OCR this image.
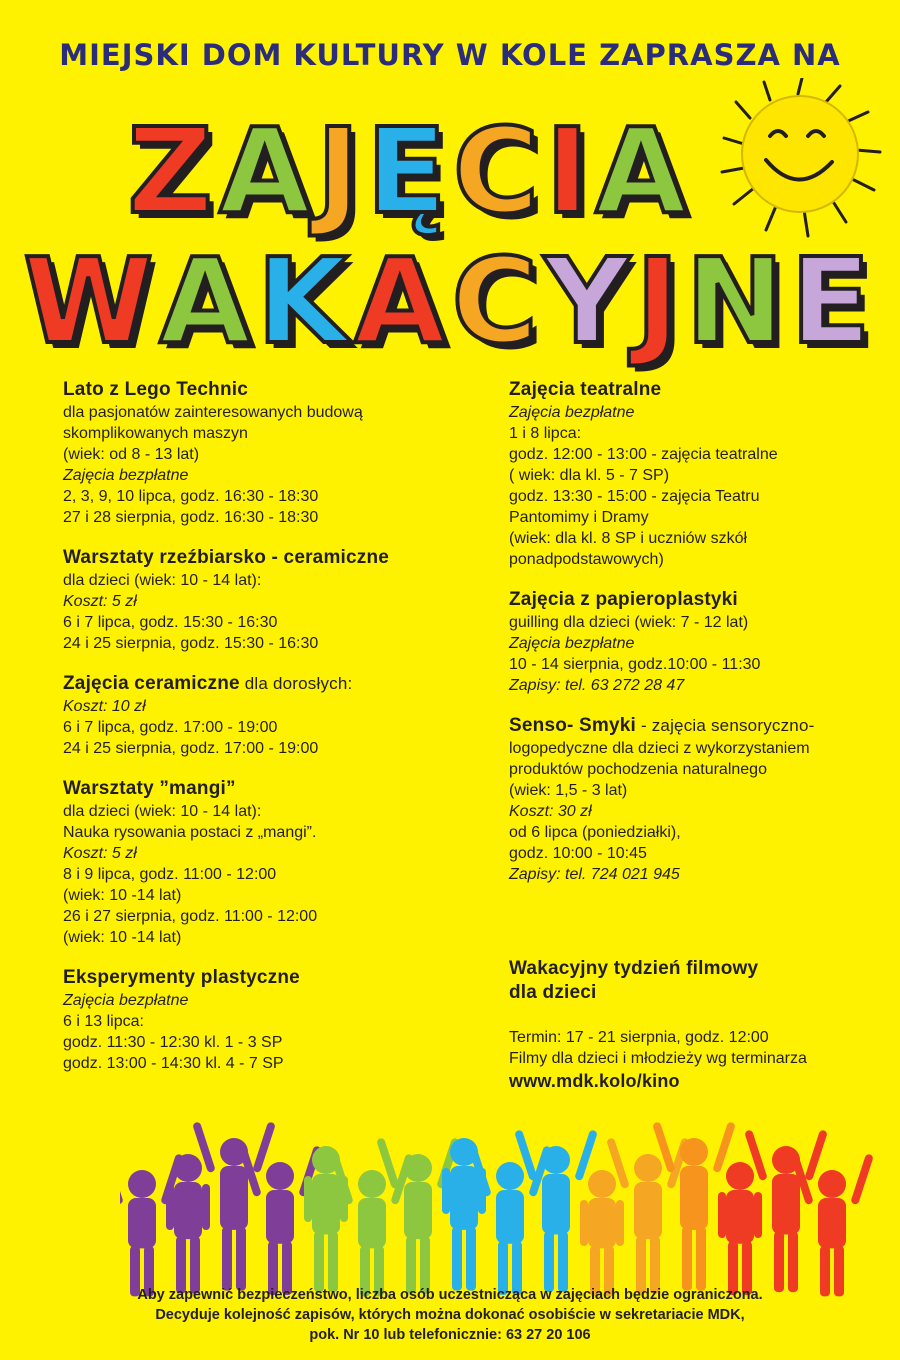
MIEJSKI DOM KULTURY W KOLE ZAPRASZA NA
ZAJĘCIA
WAKACYJNE
Lato z Lego Technic
dla pasjonatów zainteresowanych budową
skomplikowanych maszyn
(wiek: od 8 - 13 lat)
Zajęcia bezpłatne
2, 3, 9, 10 lipca, godz. 16:30 - 18:30
27 i 28 sierpnia, godz. 16:30 - 18:30
Warsztaty rzeźbiarsko - ceramiczne
dla dzieci (wiek: 10 - 14 lat):
Koszt: 5 zł
6 i 7 lipca, godz. 15:30 - 16:30
24 i 25 sierpnia, godz. 15:30 - 16:30
Zajęcia ceramiczne dla dorosłych:
Koszt: 10 zł
6 i 7 lipca, godz. 17:00 - 19:00
24 i 25 sierpnia, godz. 17:00 - 19:00
Warsztaty ”mangi”
dla dzieci (wiek: 10 - 14 lat):
Nauka rysowania postaci z „mangi”.
Koszt: 5 zł
8 i 9 lipca, godz. 11:00 - 12:00
(wiek: 10 -14 lat)
26 i 27 sierpnia, godz. 11:00 - 12:00
(wiek: 10 -14 lat)
Eksperymenty plastyczne
Zajęcia bezpłatne
6 i 13 lipca:
godz. 11:30 - 12:30 kl. 1 - 3 SP
godz. 13:00 - 14:30 kl. 4 - 7 SP
Zajęcia teatralne
Zajęcia bezpłatne
1 i 8 lipca:
godz. 12:00 - 13:00 - zajęcia teatralne
( wiek: dla kl. 5 - 7 SP)
godz. 13:30 - 15:00 - zajęcia Teatru
Pantomimy i Dramy
(wiek: dla kl. 8 SP i uczniów szkół
ponadpodstawowych)
Zajęcia z papieroplastyki
guilling dla dzieci (wiek: 7 - 12 lat)
Zajęcia bezpłatne
10 - 14 sierpnia, godz.10:00 - 11:30
Zapisy: tel. 63 272 28 47
Senso- Smyki - zajęcia sensoryczno-
logopedyczne dla dzieci z wykorzystaniem
produktów pochodzenia naturalnego
(wiek: 1,5 - 3 lat)
Koszt: 30 zł
od 6 lipca (poniedziałki),
godz. 10:00 - 10:45
Zapisy: tel. 724 021 945
Wakacyjny tydzień filmowy
dla dzieci
Termin: 17 - 21 sierpnia, godz. 12:00
Filmy dla dzieci i młodzieży wg terminarza
www.mdk.kolo/kino
Aby zapewnić bezpieczeństwo, liczba osób uczestnicząca w zajęciach będzie ograniczona.
Decyduje kolejność zapisów, których można dokonać osobiście w sekretariacie MDK,
pok. Nr 10 lub telefonicznie: 63 27 20 106
